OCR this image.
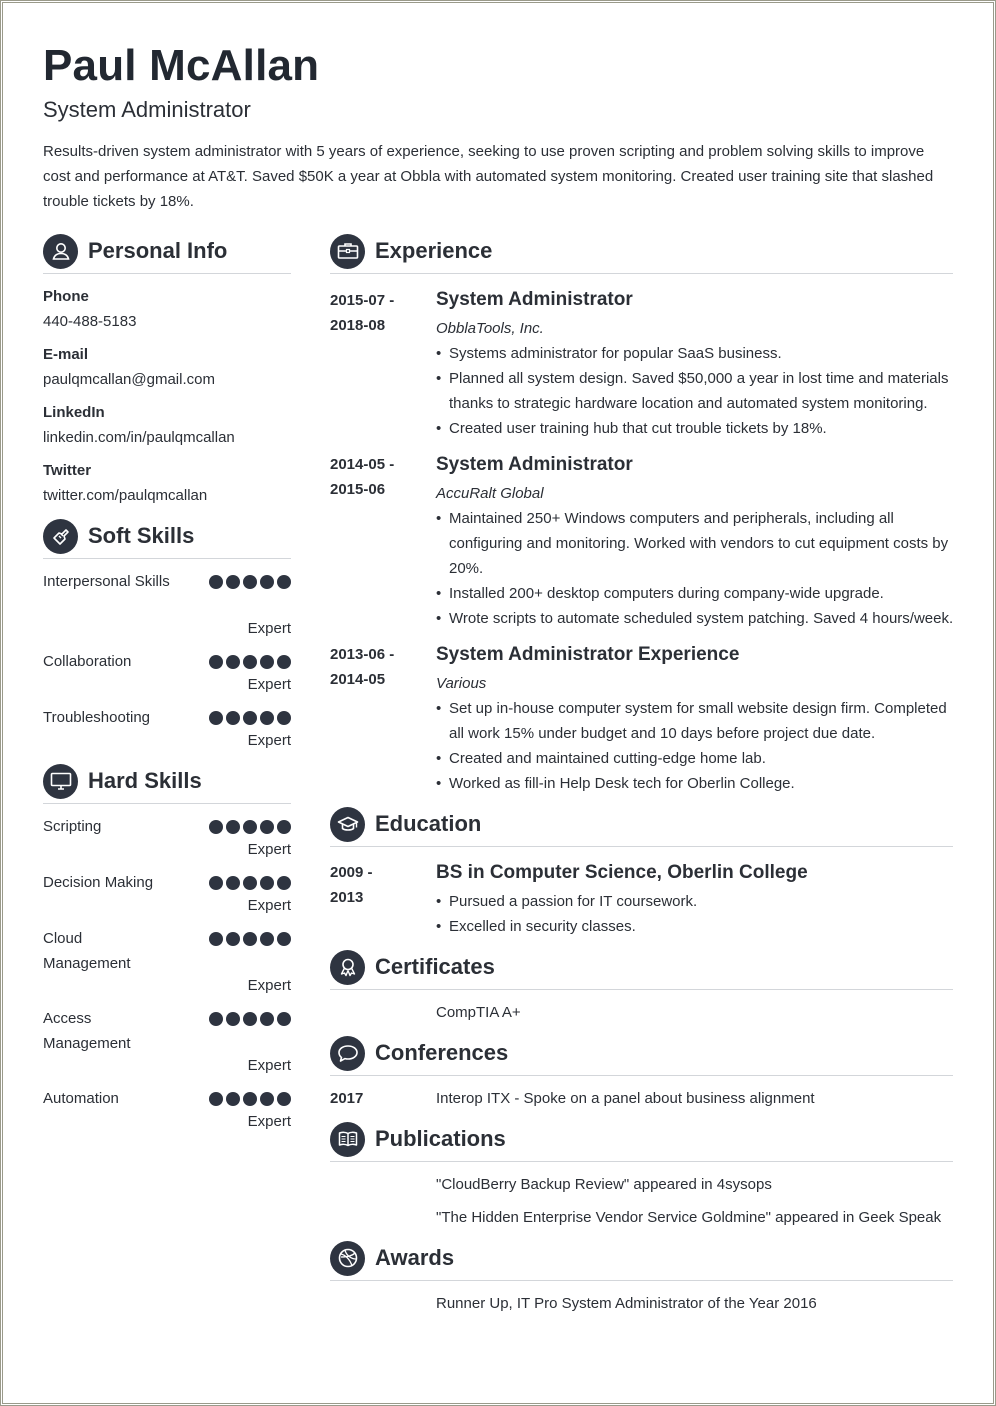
Paul McAllan
System Administrator
Results-driven system administrator with 5 years of experience, seeking to use proven scripting and problem solving skills to improve cost and performance at AT&T. Saved $50K a year at Obbla with automated system monitoring. Created user training site that slashed trouble tickets by 18%.
Personal Info
Phone
440-488-5183
E-mail
paulqmcallan@gmail.com
LinkedIn
linkedin.com/in/paulqmcallan
Twitter
twitter.com/paulqmcallan
Soft Skills
Interpersonal Skills
Expert
Collaboration
Expert
Troubleshooting
Expert
Hard Skills
Scripting
Expert
Decision Making
Expert
Cloud Management
Expert
Access Management
Expert
Automation
Expert
Experience
2015-07 -
2018-08
System Administrator
ObblaTools, Inc.
• Systems administrator for popular SaaS business.
• Planned all system design. Saved $50,000 a year in lost time and materials thanks to strategic hardware location and automated system monitoring.
• Created user training hub that cut trouble tickets by 18%.
2014-05 -
2015-06
System Administrator
AccuRalt Global
• Maintained 250+ Windows computers and peripherals, including all configuring and monitoring. Worked with vendors to cut equipment costs by 20%.
• Installed 200+ desktop computers during company-wide upgrade.
• Wrote scripts to automate scheduled system patching. Saved 4 hours/week.
2013-06 -
2014-05
System Administrator Experience
Various
• Set up in-house computer system for small website design firm. Completed all work 15% under budget and 10 days before project due date.
• Created and maintained cutting-edge home lab.
• Worked as fill-in Help Desk tech for Oberlin College.
Education
2009 -
2013
BS in Computer Science, Oberlin College
• Pursued a passion for IT coursework.
• Excelled in security classes.
Certificates
CompTIA A+
Conferences
2017	Interop ITX - Spoke on a panel about business alignment
Publications
"CloudBerry Backup Review" appeared in 4sysops
"The Hidden Enterprise Vendor Service Goldmine" appeared in Geek Speak
Awards
Runner Up, IT Pro System Administrator of the Year 2016
